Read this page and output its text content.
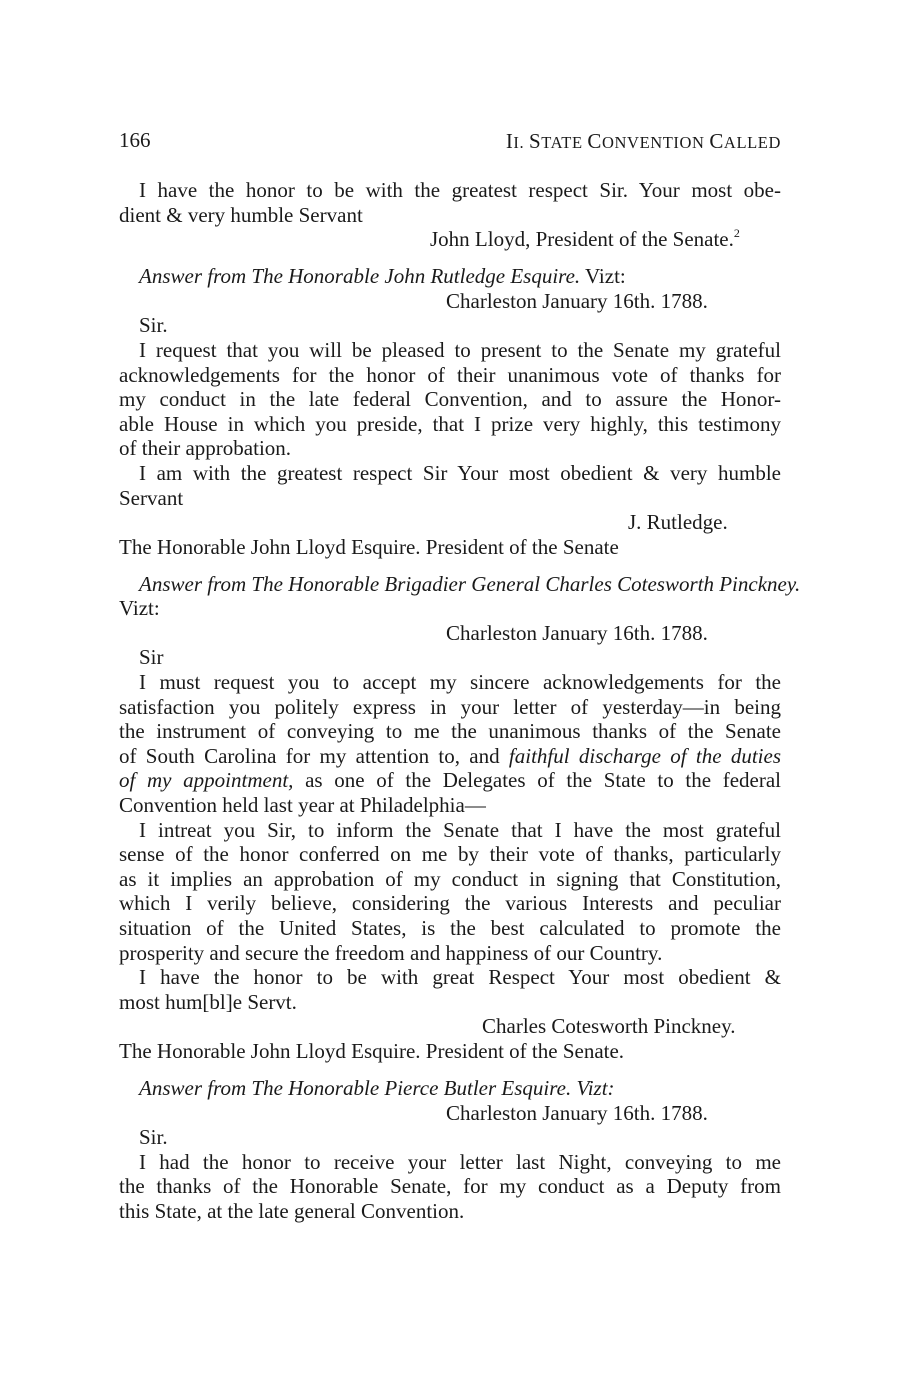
166	II. STATE CONVENTION CALLED
I have the honor to be with the greatest respect Sir. Your most obe-
dient & very humble Servant
John Lloyd, President of the Senate.$^2$
Answer from The Honorable John Rutledge Esquire. Vizt:
Charleston January 16th. 1788.
Sir.
I request that you will be pleased to present to the Senate my grateful
acknowledgements for the honor of their unanimous vote of thanks for
my conduct in the late federal Convention, and to assure the Honor-
able House in which you preside, that I prize very highly, this testimony
of their approbation.
I am with the greatest respect Sir Your most obedient & very humble
Servant
J. Rutledge.
The Honorable John Lloyd Esquire. President of the Senate
Answer from The Honorable Brigadier General Charles Cotesworth Pinckney.
Vizt:
Charleston January 16th. 1788.
Sir
I must request you to accept my sincere acknowledgements for the
satisfaction you politely express in your letter of yesterday—in being
the instrument of conveying to me the unanimous thanks of the Senate
of South Carolina for my attention to, and faithful discharge of the duties
of my appointment, as one of the Delegates of the State to the federal
Convention held last year at Philadelphia—
I intreat you Sir, to inform the Senate that I have the most grateful
sense of the honor conferred on me by their vote of thanks, particularly
as it implies an approbation of my conduct in signing that Constitution,
which I verily believe, considering the various Interests and peculiar
situation of the United States, is the best calculated to promote the
prosperity and secure the freedom and happiness of our Country.
I have the honor to be with great Respect Your most obedient &
most hum[bl]e Servt.
Charles Cotesworth Pinckney.
The Honorable John Lloyd Esquire. President of the Senate.
Answer from The Honorable Pierce Butler Esquire. Vizt:
Charleston January 16th. 1788.
Sir.
I had the honor to receive your letter last Night, conveying to me
the thanks of the Honorable Senate, for my conduct as a Deputy from
this State, at the late general Convention.
